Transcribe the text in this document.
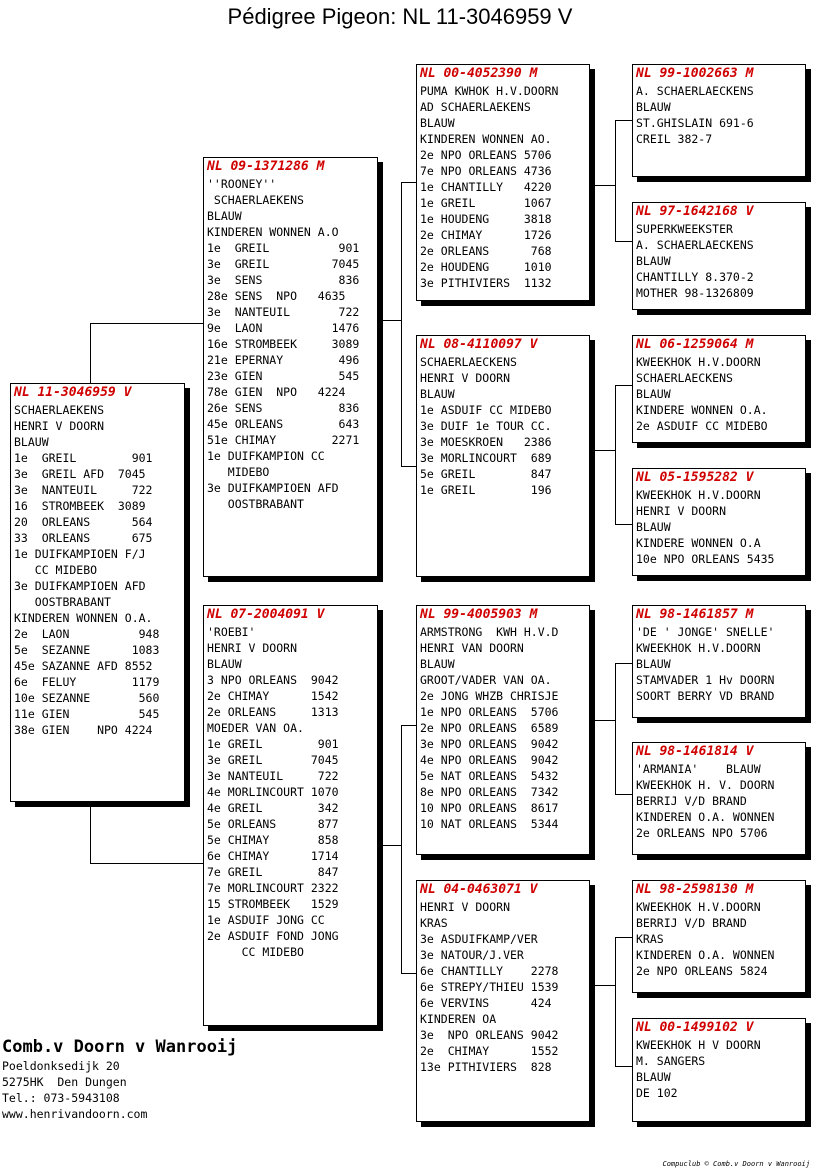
Pédigree Pigeon: NL 11-3046959 V
NL 11-3046959 V
SCHAERLAEKENS
HENRI V DOORN
BLAUW
1e  GREIL        901
3e  GREIL AFD  7045
3e  NANTEUIL     722
16  STROMBEEK  3089
20  ORLEANS      564
33  ORLEANS      675
1e DUIFKAMPIOEN F/J
CC MIDEBO
3e DUIFKAMPIOEN AFD
OOSTBRABANT
KINDEREN WONNEN O.A.
2e  LAON          948
5e  SEZANNE      1083
45e SAZANNE AFD 8552
6e  FELUY        1179
10e SEZANNE       560
11e GIEN          545
38e GIEN    NPO 4224
NL 09-1371286 M
''ROONEY''
SCHAERLAEKENS
BLAUW
KINDEREN WONNEN A.O
1e  GREIL          901
3e  GREIL         7045
3e  SENS           836
28e SENS  NPO   4635
3e  NANTEUIL       722
9e  LAON          1476
16e STROMBEEK     3089
21e EPERNAY        496
23e GIEN           545
78e GIEN  NPO   4224
26e SENS           836
45e ORLEANS        643
51e CHIMAY        2271
1e DUIFKAMPION CC
MIDEBO
3e DUIFKAMPIOEN AFD
OOSTBRABANT
NL 07-2004091 V
'ROEBI'
HENRI V DOORN
BLAUW
3 NPO ORLEANS  9042
2e CHIMAY      1542
2e ORLEANS     1313
MOEDER VAN OA.
1e GREIL        901
3e GREIL       7045
3e NANTEUIL     722
4e MORLINCOURT 1070
4e GREIL        342
5e ORLEANS      877
5e CHIMAY       858
6e CHIMAY      1714
7e GREIL        847
7e MORLINCOURT 2322
15 STROMBEEK   1529
1e ASDUIF JONG CC
2e ASDUIF FOND JONG
CC MIDEBO
NL 00-4052390 M
PUMA KWHOK H.V.DOORN
AD SCHAERLAEKENS
BLAUW
KINDEREN WONNEN AO.
2e NPO ORLEANS 5706
7e NPO ORLEANS 4736
1e CHANTILLY   4220
1e GREIL       1067
1e HOUDENG     3818
2e CHIMAY      1726
2e ORLEANS      768
2e HOUDENG     1010
3e PITHIVIERS  1132
NL 08-4110097 V
SCHAERLAECKENS
HENRI V DOORN
BLAUW
1e ASDUIF CC MIDEBO
3e DUIF 1e TOUR CC.
3e MOESKROEN   2386
3e MORLINCOURT  689
5e GREIL        847
1e GREIL        196
NL 99-4005903 M
ARMSTRONG  KWH H.V.D
HENRI VAN DOORN
BLAUW
GROOT/VADER VAN OA.
2e JONG WHZB CHRISJE
1e NPO ORLEANS  5706
2e NPO ORLEANS  6589
3e NPO ORLEANS  9042
4e NPO ORLEANS  9042
5e NAT ORLEANS  5432
8e NPO ORLEANS  7342
10 NPO ORLEANS  8617
10 NAT ORLEANS  5344
NL 04-0463071 V
HENRI V DOORN
KRAS
3e ASDUIFKAMP/VER
3e NATOUR/J.VER
6e CHANTILLY    2278
6e STREPY/THIEU 1539
6e VERVINS      424
KINDEREN OA
3e  NPO ORLEANS 9042
2e  CHIMAY      1552
13e PITHIVIERS  828
NL 99-1002663 M
A. SCHAERLAECKENS
BLAUW
ST.GHISLAIN 691-6
CREIL 382-7
NL 97-1642168 V
SUPERKWEEKSTER
A. SCHAERLAECKENS
BLAUW
CHANTILLY 8.370-2
MOTHER 98-1326809
NL 06-1259064 M
KWEEKHOK H.V.DOORN
SCHAERLAECKENS
BLAUW
KINDERE WONNEN O.A.
2e ASDUIF CC MIDEBO
NL 05-1595282 V
KWEEKHOK H.V.DOORN
HENRI V DOORN
BLAUW
KINDERE WONNEN O.A
10e NPO ORLEANS 5435
NL 98-1461857 M
'DE ' JONGE' SNELLE'
KWEEKHOK H.V.DOORN
BLAUW
STAMVADER 1 Hv DOORN
SOORT BERRY VD BRAND
NL 98-1461814 V
'ARMANIA'    BLAUW
KWEEKHOK H. V. DOORN
BERRIJ V/D BRAND
KINDEREN O.A. WONNEN
2e ORLEANS NPO 5706
NL 98-2598130 M
KWEEKHOK H.V.DOORN
BERRIJ V/D BRAND
KRAS
KINDEREN O.A. WONNEN
2e NPO ORLEANS 5824
NL 00-1499102 V
KWEEKHOK H V DOORN
M. SANGERS
BLAUW
DE 102
Comb.v Doorn v Wanrooij
Poeldonksedijk 20
5275HK  Den Dungen
Tel.: 073-5943108
www.henrivandoorn.com
Compuclub © Comb.v Doorn v Wanrooij
